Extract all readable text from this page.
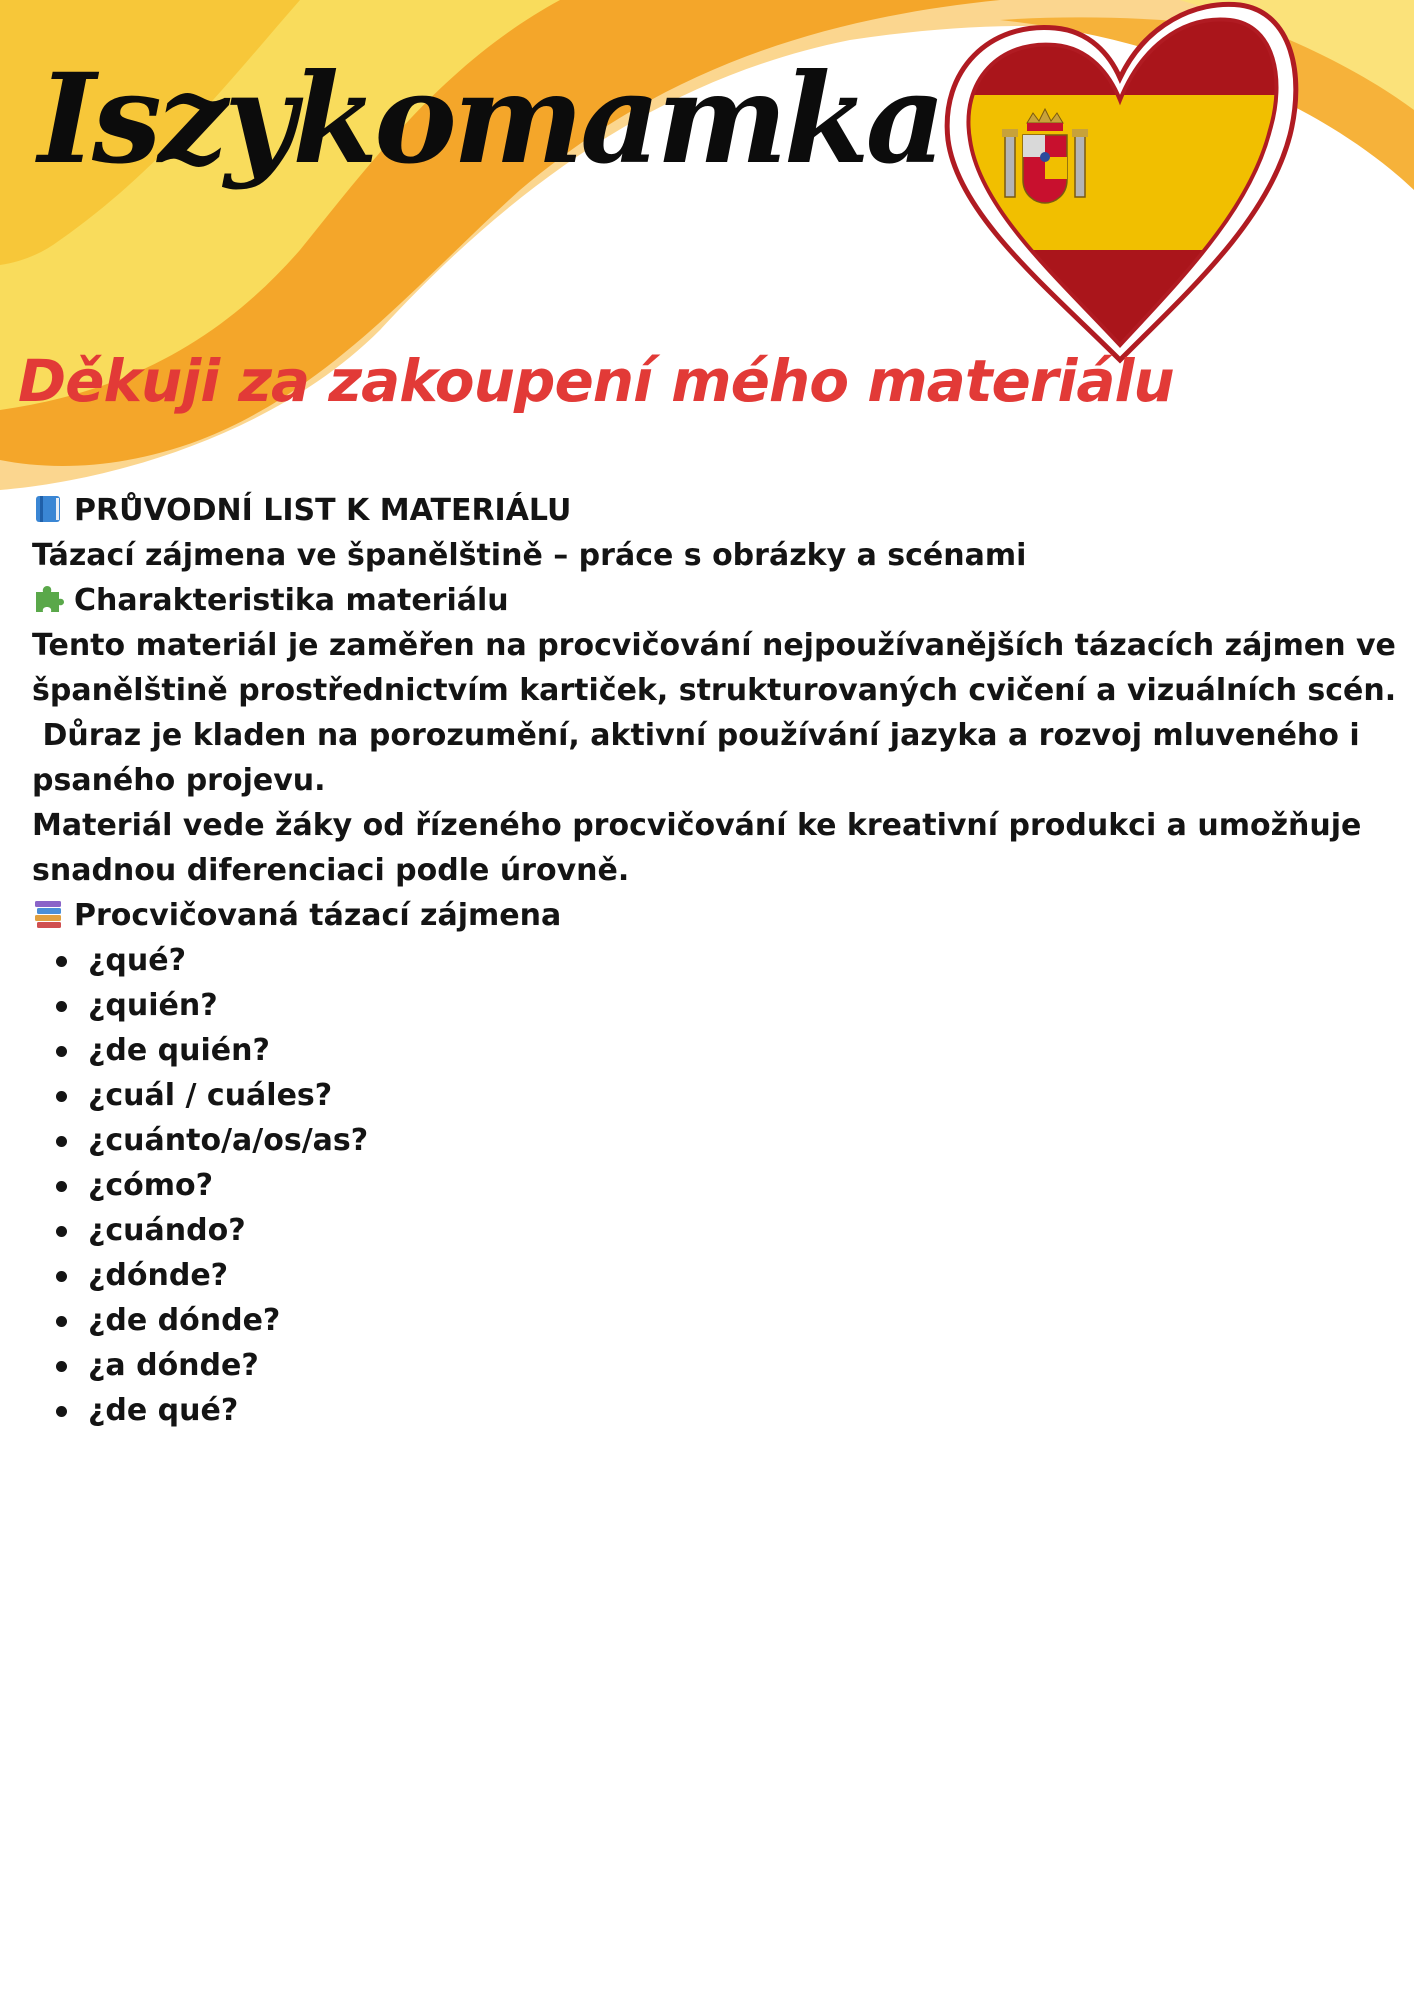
Iszykomamka
Děkuji za zakoupení mého materiálu
PRŮVODNÍ LIST K MATERIÁLU
Tázací zájmena ve španělštině – práce s obrázky a scénami
Charakteristika materiálu
Tento materiál je zaměřen na procvičování nejpoužívanějších tázacích zájmen ve
španělštině prostřednictvím kartiček, strukturovaných cvičení a vizuálních scén.
Důraz je kladen na porozumění, aktivní používání jazyka a rozvoj mluveného i
psaného projevu.
Materiál vede žáky od řízeného procvičování ke kreativní produkci a umožňuje
snadnou diferenciaci podle úrovně.
Procvičovaná tázací zájmena
¿qué?
¿quién?
¿de quién?
¿cuál / cuáles?
¿cuánto/a/os/as?
¿cómo?
¿cuándo?
¿dónde?
¿de dónde?
¿a dónde?
¿de qué?
